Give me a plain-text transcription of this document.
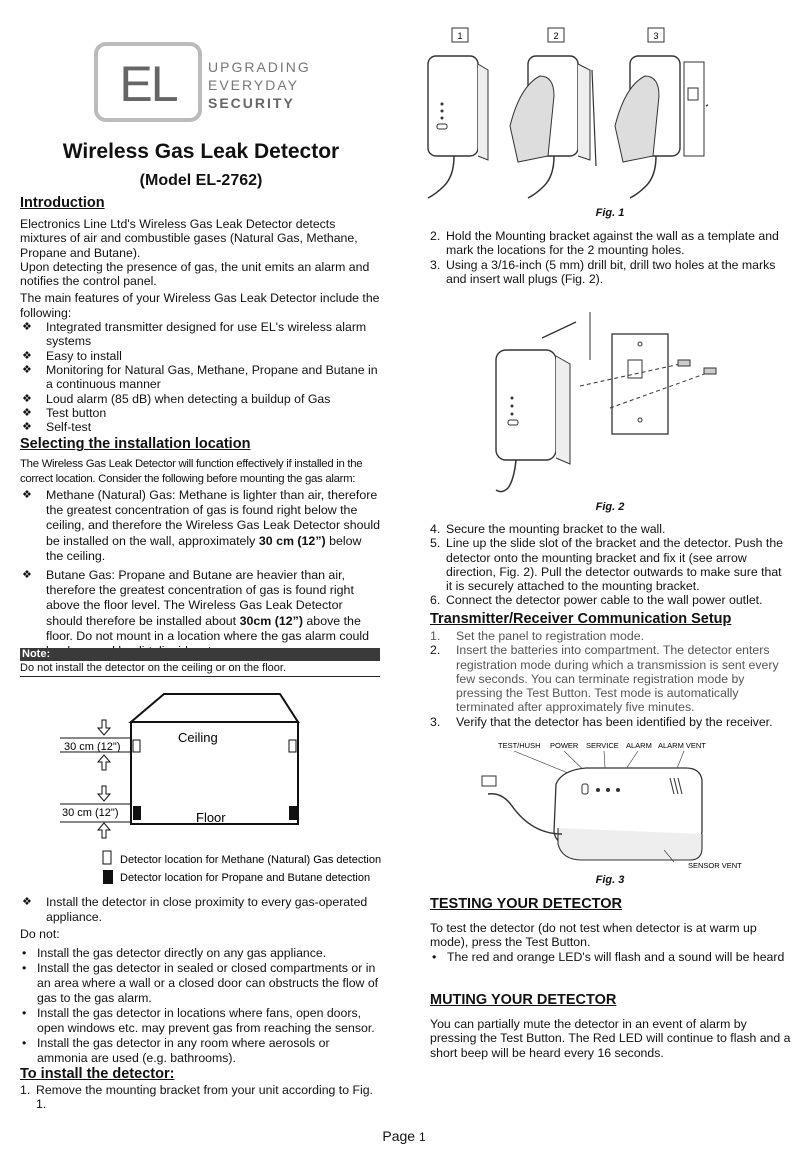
EL UPGRADING
EVERYDAY
SECURITY
Wireless Gas Leak Detector
(Model EL-2762)

Introduction

Electronics Line Ltd's Wireless Gas Leak Detector detects mixtures of air and combustible gases (Natural Gas, Methane, Propane and Butane).

Upon detecting the presence of gas, the unit emits an alarm and notifies the control panel.

The main features of your Wireless Gas Leak Detector include the following:

❖ Integrated transmitter designed for use EL's wireless alarm systems
❖ Easy to install
❖ Monitoring for Natural Gas, Methane, Propane and Butane in a continuous manner
❖ Loud alarm (85 dB) when detecting a buildup of Gas
❖ Test button
❖ Self-test

Selecting the installation location

The Wireless Gas Leak Detector will function effectively if installed in the correct location. Consider the following before mounting the gas alarm:

❖ Methane (Natural) Gas: Methane is lighter than air, therefore the greatest concentration of gas is found right below the ceiling, and therefore the Wireless Gas Leak Detector should be installed on the wall, approximately 30 cm (12”) below the ceiling.
❖ Butane Gas: Propane and Butane are heavier than air, therefore the greatest concentration of gas is found right above the floor level. The Wireless Gas Leak Detector should therefore be installed about 30cm (12”) above the floor. Do not mount in a location where the gas alarm could
Note:
Do not install the detector on the ceiling or on the floor.
Ceiling
Floor
30 cm (12")
30 cm (12")
Detector location for Methane (Natural) Gas detection
Detector location for Propane and Butane detection
❖ Install the detector in close proximity to every gas-operated appliance.

Do not:

• Install the gas detector directly on any gas appliance.
• Install the gas detector in sealed or closed compartments or in an area where a wall or a closed door can obstructs the flow of gas to the gas alarm.
• Install the gas detector in locations where fans, open doors, open windows etc. may prevent gas from reaching the sensor.
• Install the gas detector in any room where aerosols or ammonia are used (e.g. bathrooms).

To install the detector:

1. Remove the mounting bracket from your unit according to Fig. 1.
1	2	3
Fig. 1
2. Hold the Mounting bracket against the wall as a template and mark the locations for the 2 mounting holes.
3. Using a 3/16-inch (5 mm) drill bit, drill two holes at the marks and insert wall plugs (Fig. 2).
Fig. 2
4. Secure the mounting bracket to the wall.
5. Line up the slide slot of the bracket and the detector. Push the detector onto the mounting bracket and fix it (see arrow direction, Fig. 2). Pull the detector outwards to make sure that it is securely attached to the mounting bracket.
6. Connect the detector power cable to the wall power outlet.

Transmitter/Receiver Communication Setup

1. Set the panel to registration mode.
2. Insert the batteries into compartment. The detector enters registration mode during which a transmission is sent every few seconds. You can terminate registration mode by pressing the Test Button. Test mode is automatically terminated after approximately five minutes.
3. Verify that the detector has been identified by the receiver.
TEST/HUSH POWER SERVICE ALARM ALARM VENT
SENSOR VENT
Fig. 3

TESTING YOUR DETECTOR

To test the detector (do not test when detector is at warm up mode), press the Test Button.

• The red and orange LED's will flash and a sound will be heard

MUTING YOUR DETECTOR

You can partially mute the detector in an event of alarm by pressing the Test Button. The Red LED will continue to flash and a short beep will be heard every 16 seconds.

Page 1
